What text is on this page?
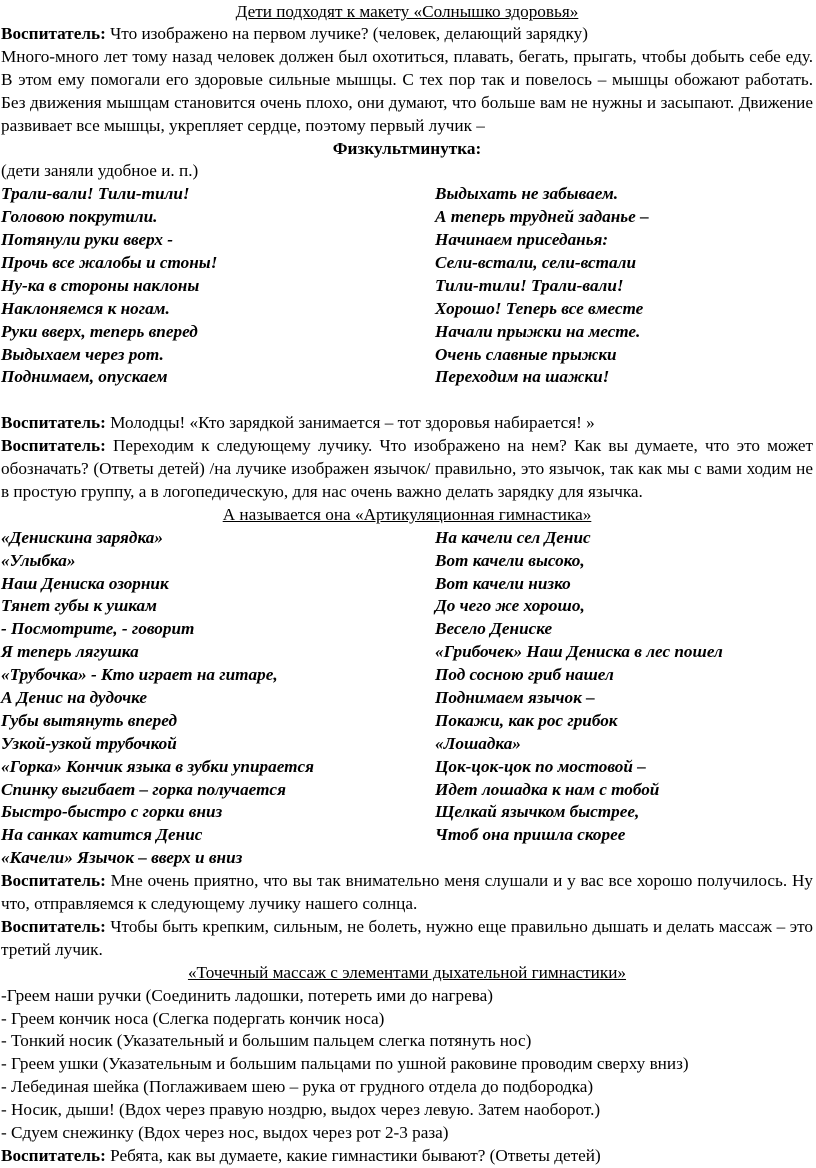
Дети подходят к макету «Солнышко здоровья»
Воспитатель: Что изображено на первом лучике? (человек, делающий зарядку)
Много-много лет тому назад человек должен был охотиться, плавать, бегать, прыгать, чтобы добыть себе еду. В этом ему помогали его здоровые сильные мышцы. С тех пор так и повелось – мышцы обожают работать. Без движения мышцам становится очень плохо, они думают, что больше вам не нужны и засыпают. Движение развивает все мышцы, укрепляет сердце, поэтому первый лучик –
Физкультминутка:
(дети заняли удобное и. п.)
Трали-вали! Тили-тили!
Головою покрутили.
Потянули руки вверх -
Прочь все жалобы и стоны!
Ну-ка в стороны наклоны
Наклоняемся к ногам.
Руки вверх, теперь вперед
Выдыхаем через рот.
Поднимаем, опускаем
Выдыхать не забываем.
А теперь трудней заданье –
Начинаем приседанья:
Сели-встали, сели-встали
Тили-тили! Трали-вали!
Хорошо! Теперь все вместе
Начали прыжки на месте.
Очень славные прыжки
Переходим на шажки!
Воспитатель: Молодцы! «Кто зарядкой занимается – тот здоровья набирается! »
Воспитатель: Переходим к следующему лучику. Что изображено на нем? Как вы думаете, что это может обозначать? (Ответы детей) /на лучике изображен язычок/ правильно, это язычок, так как мы с вами ходим не в простую группу, а в логопедическую, для нас очень важно делать зарядку для язычка.
А называется она «Артикуляционная гимнастика»
«Денискина зарядка»
«Улыбка»
Наш Дениска озорник
Тянет губы к ушкам
- Посмотрите, - говорит
Я теперь лягушка
«Трубочка» - Кто играет на гитаре,
А Денис на дудочке
Губы вытянуть вперед
Узкой-узкой трубочкой
«Горка» Кончик языка в зубки упирается
Спинку выгибает – горка получается
Быстро-быстро с горки вниз
На санках катится Денис
«Качели» Язычок – вверх и вниз
На качели сел Денис
Вот качели высоко,
Вот качели низко
До чего же хорошо,
Весело Дениске
«Грибочек» Наш Дениска в лес пошел
Под сосною гриб нашел
Поднимаем язычок –
Покажи, как рос грибок
«Лошадка»
Цок-цок-цок по мостовой –
Идет лошадка к нам с тобой
Щелкай язычком быстрее,
Чтоб она пришла скорее
Воспитатель: Мне очень приятно, что вы так внимательно меня слушали и у вас все хорошо получилось. Ну что, отправляемся к следующему лучику нашего солнца.
Воспитатель: Чтобы быть крепким, сильным, не болеть, нужно еще правильно дышать и делать массаж – это третий лучик.
«Точечный массаж с элементами дыхательной гимнастики»
-Греем наши ручки (Соединить ладошки, потереть ими до нагрева)
- Греем кончик носа (Слегка подергать кончик носа)
- Тонкий носик (Указательный и большим пальцем слегка потянуть нос)
- Греем ушки (Указательным и большим пальцами по ушной раковине проводим сверху вниз)
- Лебединая шейка (Поглаживаем шею – рука от грудного отдела до подбородка)
- Носик, дыши! (Вдох через правую ноздрю, выдох через левую. Затем наоборот.)
- Сдуем снежинку (Вдох через нос, выдох через рот 2-3 раза)
Воспитатель: Ребята, как вы думаете, какие гимнастики бывают? (Ответы детей)
